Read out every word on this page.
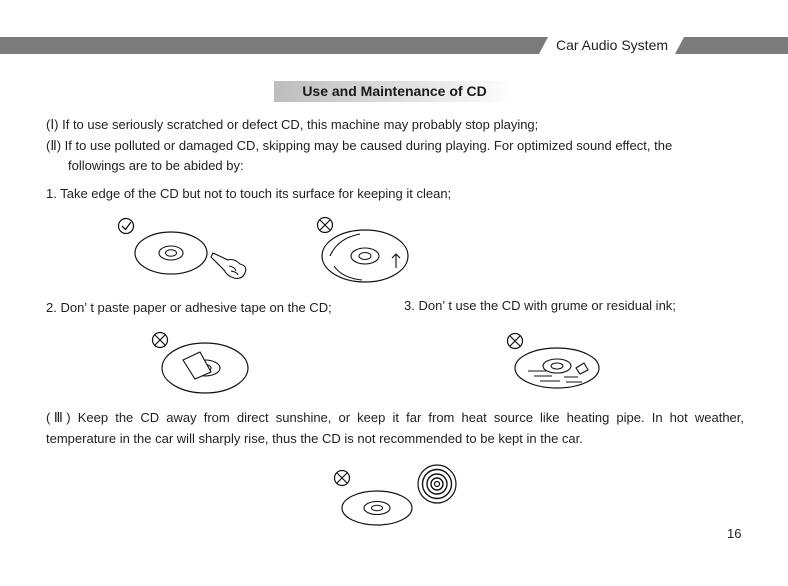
Car Audio System
Use and Maintenance of CD
(Ⅰ) If to use seriously scratched or defect CD, this machine may probably stop playing;
(Ⅱ) If to use polluted or damaged CD, skipping may be caused during playing. For optimized sound effect, the
followings are to be abided by:
1. Take edge of the CD but not to touch its surface for keeping it clean;
2. Don’ t paste paper or adhesive tape on the CD;	3. Don’ t use the CD with grume or residual ink;
(Ⅲ) Keep the CD away from direct sunshine, or keep it far from heat source like heating pipe. In hot weather,
temperature in the car will sharply rise, thus the CD is not recommended to be kept in the car.
16
